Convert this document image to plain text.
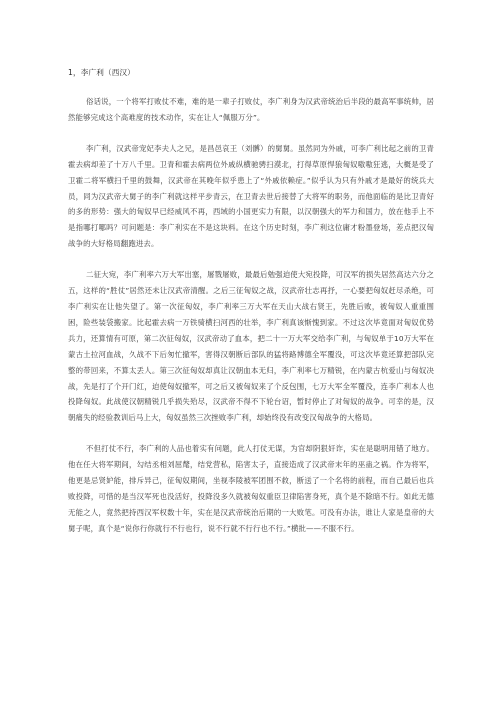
1，李广利（西汉）

俗话说，一个将军打败仗不难，难的是一辈子打败仗，李广利身为汉武帝统治后半段的最高军事统帅，居然能够完成这个高难度的技术动作，实在让人“佩服万分”。

李广利，汉武帝宠妃李夫人之兄，是昌邑哀王（刘髆）的舅舅。虽然同为外戚，可李广利比起之前的卫青霍去病却差了十万八千里。卫青和霍去病两位外戚纵横驰骋扫漠北，打得草原悍狼匈奴嗷嗷狂逃，大概是受了卫霍二将军横扫千里的鼓舞，汉武帝在其晚年似乎患上了“外戚依赖症。”似乎认为只有外戚才是最好的统兵大员，同为汉武帝大舅子的李广利就这样平步青云，在卫青去世后接替了大将军的职务，而他面临的是比卫青好的多的形势：强大的匈奴早已经威风不再，西域的小国更实力有限，以汉朝强大的军力和国力，放在他手上不是指哪打哪吗？可问题是：李广利实在不是这块料。在这个历史时刻，李广利这位庸才粉墨登场，差点把汉匈战争的大好格局翻跑进去。

二征大宛，李广利率六万大军出塞，屠戮屠败，最最后勉强迫使大宛投降，可汉军的损失居然高达六分之五，这样的“胜仗”居然还未让汉武帝清醒。之后三征匈奴之战，汉武帝壮志再抒，一心要把匈奴赶尽杀绝，可李广利实在让他失望了。第一次征匈奴，李广利率三万大军在天山大战右贤王，先胜后败，被匈奴人重重围困，险些装袋搬家。比起霍去病一万铁骑横扫河西的壮举，李广利真该惭愧到家。不过这次毕竟面对匈奴优势兵力，还算情有可原，第二次征匈奴，汉武帝动了血本，把二十一万大军交给李广利，与匈奴单于10万大军在蒙古土拉河血战，久战不下后匆忙撤军，害得汉朝断后部队的猛将路博德全军覆没，可这次毕竟还算把部队完整的带回来，不算太丢人。第三次征匈奴却真让汉朝血本无归，李广利率七万精锐，在内蒙古杭爱山与匈奴决战，先是打了个开门红，迫使匈奴撤军，可之后又被匈奴来了个反包围，七万大军全军覆没，连李广利本人也投降匈奴。此战使汉朝精锐几乎损失殆尽，汉武帝不得不下轮台诏，暂时停止了对匈奴的战争。可幸的是，汉朝痛失的经验教训后马上大，匈奴虽然三次挫败李广利，却始终没有改变汉匈战争的大格局。

不但打仗不行，李广利的人品也着实有问题，此人打仗无谋，为官却阴狠奸诈，实在是聪明用错了地方。他在任大将军期间，勾结丞相刘屈氂，结党营私，陷害太子，直接造成了汉武帝末年的巫蛊之祸。作为将军，他更是忌贤妒能，排斥异己，征匈奴期间，坐视李陵被军团围不救，断送了一个名将的前程，而自己最后也兵败投降，可惜的是当汉军死也没活好，投降没多久就被匈奴重臣卫律陷害身死，真个是不除暗不行。如此无德无能之人，竟然把持西汉军权数十年，实在是汉武帝统治后期的一大败笔。可没有办法，谁让人家是皇帝的大舅子呢，真个是“说你行你就行不行也行，说不行就不行行也不行。”横批——不服不行。
